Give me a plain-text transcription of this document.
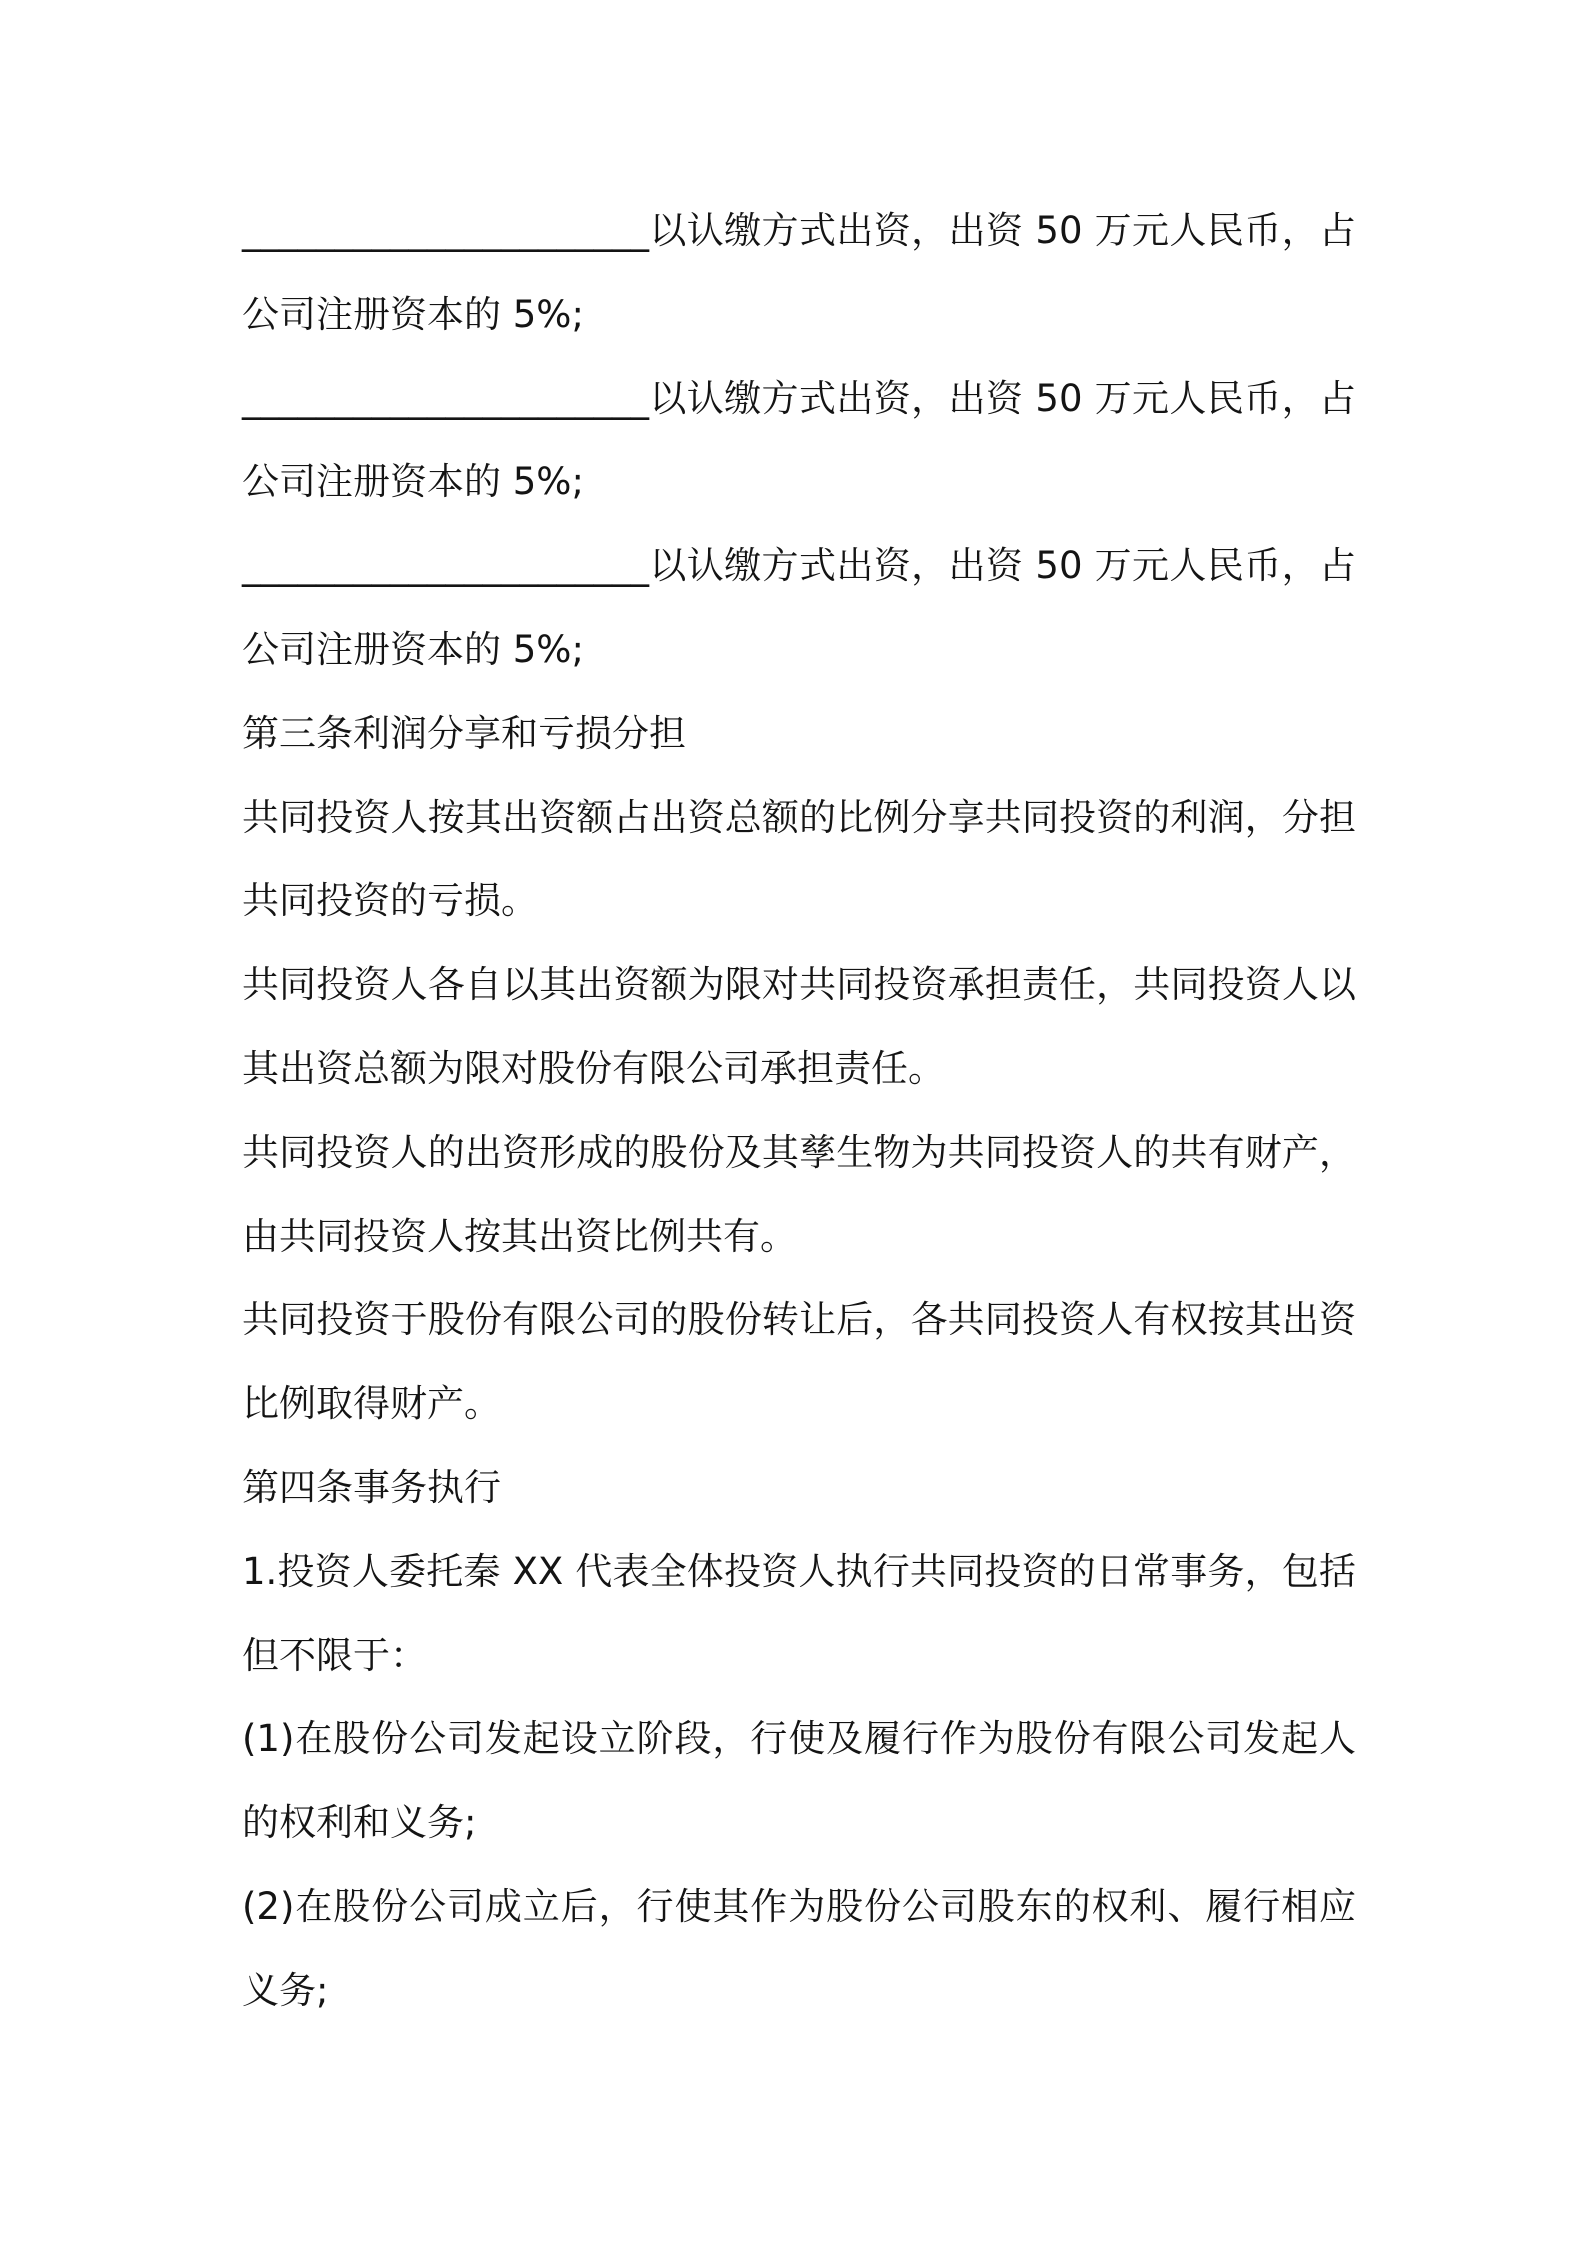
______________________以认缴方式出资，出资 50 万元人民币，占
公司注册资本的 5%;
______________________以认缴方式出资，出资 50 万元人民币，占
公司注册资本的 5%;
______________________以认缴方式出资，出资 50 万元人民币，占
公司注册资本的 5%;
第三条利润分享和亏损分担
共同投资人按其出资额占出资总额的比例分享共同投资的利润，分担
共同投资的亏损。
共同投资人各自以其出资额为限对共同投资承担责任，共同投资人以
其出资总额为限对股份有限公司承担责任。
共同投资人的出资形成的股份及其孳生物为共同投资人的共有财产，
由共同投资人按其出资比例共有。
共同投资于股份有限公司的股份转让后，各共同投资人有权按其出资
比例取得财产。
第四条事务执行
1.投资人委托秦 XX 代表全体投资人执行共同投资的日常事务，包括
但不限于：
(1)在股份公司发起设立阶段，行使及履行作为股份有限公司发起人
的权利和义务;
(2)在股份公司成立后，行使其作为股份公司股东的权利、履行相应
义务;
